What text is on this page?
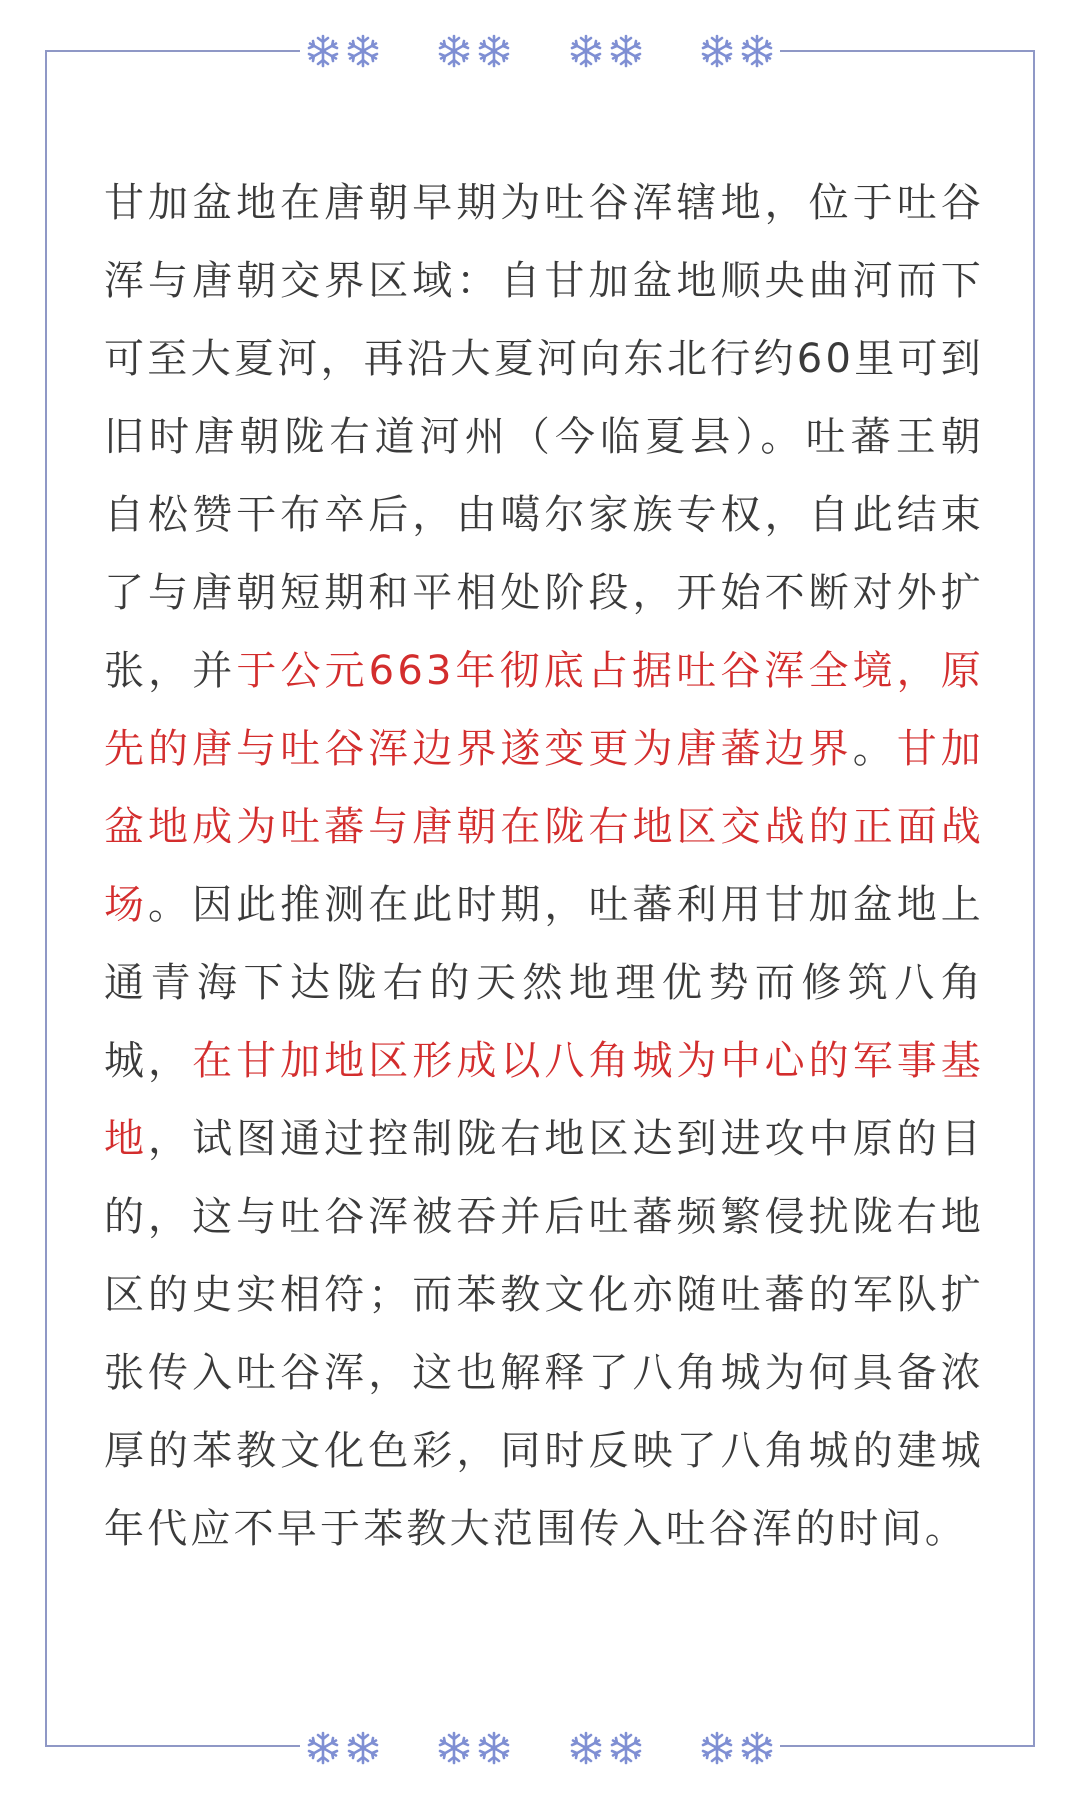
甘加盆地在唐朝早期为吐谷浑辖地，位于吐谷浑与唐朝交界区域：自甘加盆地顺央曲河而下可至大夏河，再沿大夏河向东北行约60里可到旧时唐朝陇右道河州（今临夏县）。吐蕃王朝自松赞干布卒后，由噶尔家族专权，自此结束了与唐朝短期和平相处阶段，开始不断对外扩张，并于公元663年彻底占据吐谷浑全境，原先的唐与吐谷浑边界遂变更为唐蕃边界。甘加盆地成为吐蕃与唐朝在陇右地区交战的正面战场。因此推测在此时期，吐蕃利用甘加盆地上通青海下达陇右的天然地理优势而修筑八角城，在甘加地区形成以八角城为中心的军事基地，试图通过控制陇右地区达到进攻中原的目的，这与吐谷浑被吞并后吐蕃频繁侵扰陇右地区的史实相符；而苯教文化亦随吐蕃的军队扩张传入吐谷浑，这也解释了八角城为何具备浓厚的苯教文化色彩，同时反映了八角城的建城年代应不早于苯教大范围传入吐谷浑的时间。
